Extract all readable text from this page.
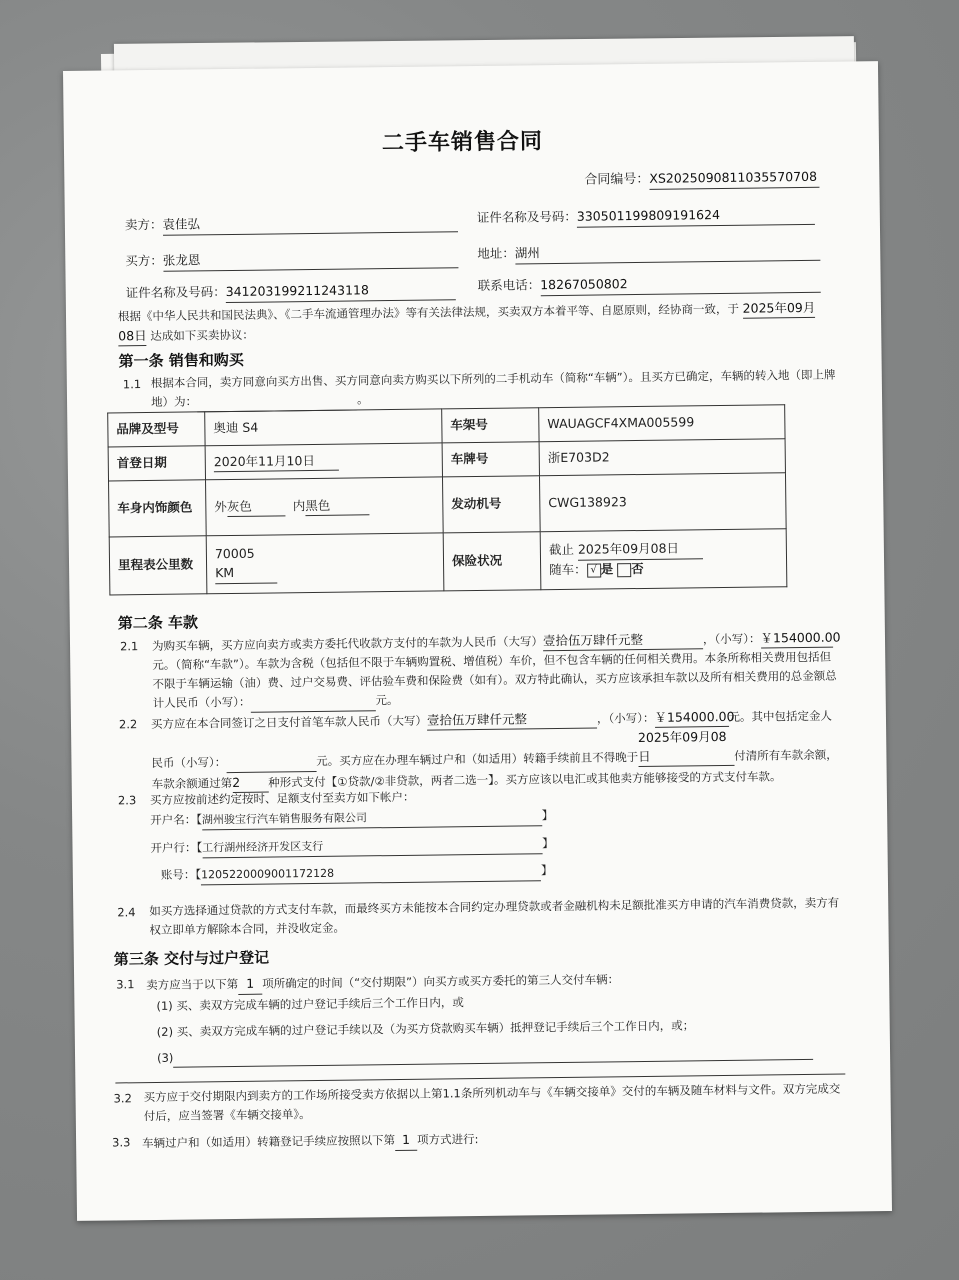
二手车销售合同
合同编号：XS2025090811035570708
卖方：袁佳弘	证件名称及号码：330501199809191624
买方：张龙恩	地址：湖州
证件名称及号码：341203199211243118	联系电话：18267050802
根据《中华人民共和国民法典》、《二手车流通管理办法》等有关法律法规，买卖双方本着平等、自愿原则，经协商一致，于 2025年09月
08日 达成如下买卖协议：
第一条 销售和购买
1.1 根据本合同，卖方同意向买方出售、买方同意向卖方购买以下所列的二手机动车（简称“车辆”）。且买方已确定，车辆的转入地（即上牌地）为：	。
品牌及型号	奥迪 S4	车架号	WAUAGCF4XMA005599
首登日期	2020年11月10日	车牌号	浙E703D2
车身内饰颜色	外灰色 内黑色	发动机号	CWG138923
里程表公里数	70005 KM	保险状况	截止 2025年09月08日
随车： √ 是 否
第二条 车款
2.1 为购买车辆，买方应向卖方或卖方委托代收款方支付的车款为人民币（大写）壹拾伍万肆仟元整	，（小写）：￥154000.00元。（简称“车款”）。车款为含税（包括但不限于车辆购置税、增值税）车价，但不包含车辆的任何相关费用。本条所称相关费用包括但不限于车辆运输（油）费、过户交易费、评估验车费和保险费（如有）。双方特此确认，买方应该承担车款以及所有相关费用的总金额总计人民币（小写）：	元。
2.2 买方应在本合同签订之日支付首笔车款人民币（大写）壹拾伍万肆仟元整	，（小写）：￥154000.00元。其中包括定金人民币（小写）：	元。买方应在办理车辆过户和（如适用）转籍手续前且不得晚于2025年09月08日	付清所有车款余额，车款余额通过第2 种形式支付【①贷款/②非贷款，两者二选一】。买方应该以电汇或其他卖方能够接受的方式支付车款。
2.3 买方应按前述约定按时、足额支付至卖方如下帐户：
开户名：【湖州骏宝行汽车销售服务有限公司	】
开户行：【工行湖州经济开发区支行	】
账号：【1205220009001172128	】
2.4 如买方选择通过贷款的方式支付车款，而最终买方未能按本合同约定办理贷款或者金融机构未足额批准买方申请的汽车消费贷款，卖方有权立即单方解除本合同，并没收定金。
第三条 交付与过户登记
3.1 卖方应当于以下第 1 项所确定的时间（“交付期限”）向买方或买方委托的第三人交付车辆：
(1) 买、卖双方完成车辆的过户登记手续后三个工作日内，或
(2) 买、卖双方完成车辆的过户登记手续以及（为买方贷款购买车辆）抵押登记手续后三个工作日内，或；
(3)
3.2 买方应于交付期限内到卖方的工作场所接受卖方依据以上第1.1条所列机动车与《车辆交接单》交付的车辆及随车材料与文件。双方完成交付后，应当签署《车辆交接单》。
3.3 车辆过户和（如适用）转籍登记手续应按照以下第 1 项方式进行:
